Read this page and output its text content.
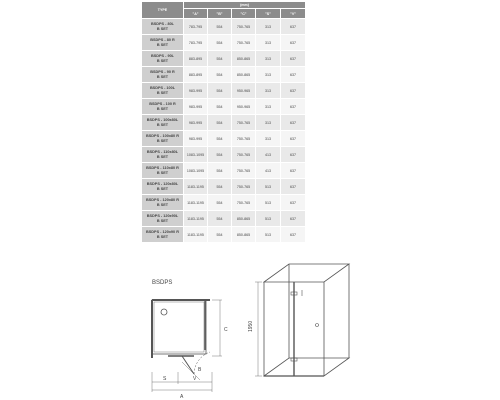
TYPE	(mm)				
	"A"	"B"	"C"	"S"	"V"

BSDPS - 80L
B SET	783-795	554	750-765	313	637

BSDPS - 80 R
B SET	783-795	554	750-765	313	637

BSDPS - 90L
B SET	883-895	554	850-865	313	637

BSDPS - 90 R
B SET	883-895	554	850-865	313	637

BSDPS - 100L
B SET	983-995	554	950-965	313	637

BSDPS - 100 R
B SET	983-995	554	950-965	313	637

BSDPS - 100x80L
B SET	983-995	554	750-765	313	637

BSDPS - 100x80 R
B SET	983-995	554	750-765	313	637

BSDPS - 110x80L
B SET	1083-1095	554	750-765	413	637

BSDPS - 110x80 R
B SET	1083-1095	554	750-765	413	637

BSDPS - 120x80L
B SET	1183-1195	554	750-765	513	637

BSDPS - 120x80 R
B SET	1183-1195	554	750-765	513	637

BSDPS - 120x90L
B SET	1183-1195	554	850-865	513	637

BSDPS - 120x90 R
B SET	1183-1195	554	850-865	513	637
BSDPS
C
B
S	V
A
1950
